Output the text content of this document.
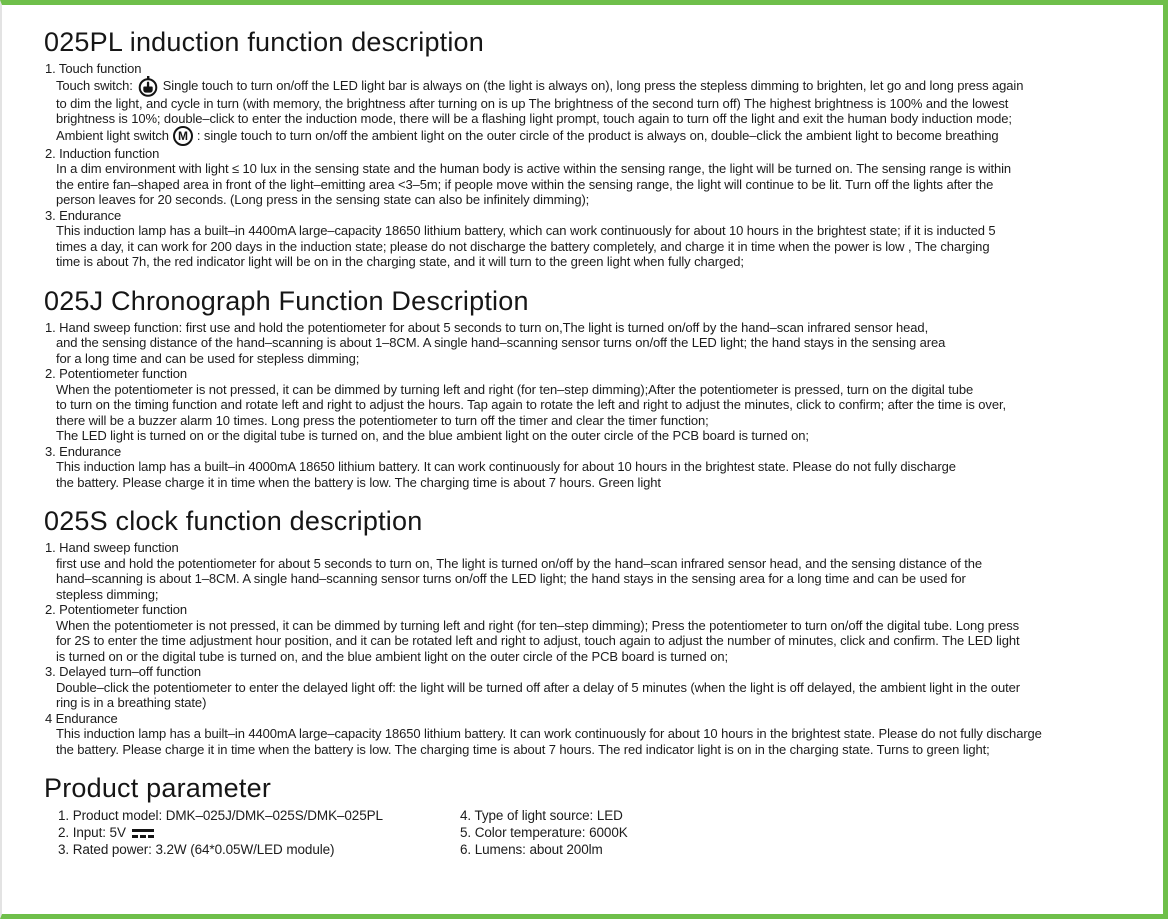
025PL induction function description
1. Touch function
Touch switch: Single touch to turn on/off the LED light bar is always on (the light is always on), long press the stepless dimming to brighten, let go and long press again
to dim the light, and cycle in turn (with memory, the brightness after turning on is up The brightness of the second turn off) The highest brightness is 100% and the lowest
brightness is 10%; double–click to enter the induction mode, there will be a flashing light prompt, touch again to turn off the light and exit the human body induction mode;
Ambient light switch M : single touch to turn on/off the ambient light on the outer circle of the product is always on, double–click the ambient light to become breathing
2. Induction function
In a dim environment with light ≤ 10 lux in the sensing state and the human body is active within the sensing range, the light will be turned on. The sensing range is within
the entire fan–shaped area in front of the light–emitting area <3–5m; if people move within the sensing range, the light will continue to be lit. Turn off the lights after the
person leaves for 20 seconds. (Long press in the sensing state can also be infinitely dimming);
3. Endurance
This induction lamp has a built–in 4400mA large–capacity 18650 lithium battery, which can work continuously for about 10 hours in the brightest state; if it is inducted 5
times a day, it can work for 200 days in the induction state; please do not discharge the battery completely, and charge it in time when the power is low , The charging
time is about 7h, the red indicator light will be on in the charging state, and it will turn to the green light when fully charged;
025J Chronograph Function Description
1. Hand sweep function: first use and hold the potentiometer for about 5 seconds to turn on,The light is turned on/off by the hand–scan infrared sensor head,
and the sensing distance of the hand–scanning is about 1–8CM. A single hand–scanning sensor turns on/off the LED light; the hand stays in the sensing area
for a long time and can be used for stepless dimming;
2. Potentiometer function
When the potentiometer is not pressed, it can be dimmed by turning left and right (for ten–step dimming);After the potentiometer is pressed, turn on the digital tube
to turn on the timing function and rotate left and right to adjust the hours. Tap again to rotate the left and right to adjust the minutes, click to confirm; after the time is over,
there will be a buzzer alarm 10 times. Long press the potentiometer to turn off the timer and clear the timer function;
The LED light is turned on or the digital tube is turned on, and the blue ambient light on the outer circle of the PCB board is turned on;
3. Endurance
This induction lamp has a built–in 4000mA 18650 lithium battery. It can work continuously for about 10 hours in the brightest state. Please do not fully discharge
the battery. Please charge it in time when the battery is low. The charging time is about 7 hours. Green light
025S clock function description
1. Hand sweep function
first use and hold the potentiometer for about 5 seconds to turn on, The light is turned on/off by the hand–scan infrared sensor head, and the sensing distance of the
hand–scanning is about 1–8CM. A single hand–scanning sensor turns on/off the LED light; the hand stays in the sensing area for a long time and can be used for
stepless dimming;
2. Potentiometer function
When the potentiometer is not pressed, it can be dimmed by turning left and right (for ten–step dimming); Press the potentiometer to turn on/off the digital tube. Long press
for 2S to enter the time adjustment hour position, and it can be rotated left and right to adjust, touch again to adjust the number of minutes, click and confirm. The LED light
is turned on or the digital tube is turned on, and the blue ambient light on the outer circle of the PCB board is turned on;
3. Delayed turn–off function
Double–click the potentiometer to enter the delayed light off: the light will be turned off after a delay of 5 minutes (when the light is off delayed, the ambient light in the outer
ring is in a breathing state)
4 Endurance
This induction lamp has a built–in 4400mA large–capacity 18650 lithium battery. It can work continuously for about 10 hours in the brightest state. Please do not fully discharge
the battery. Please charge it in time when the battery is low. The charging time is about 7 hours. The red indicator light is on in the charging state. Turns to green light;
Product parameter
1. Product model: DMK–025J/DMK–025S/DMK–025PL
2. Input: 5V
3. Rated power: 3.2W (64*0.05W/LED module)
4. Type of light source: LED
5. Color temperature: 6000K
6. Lumens: about 200lm
